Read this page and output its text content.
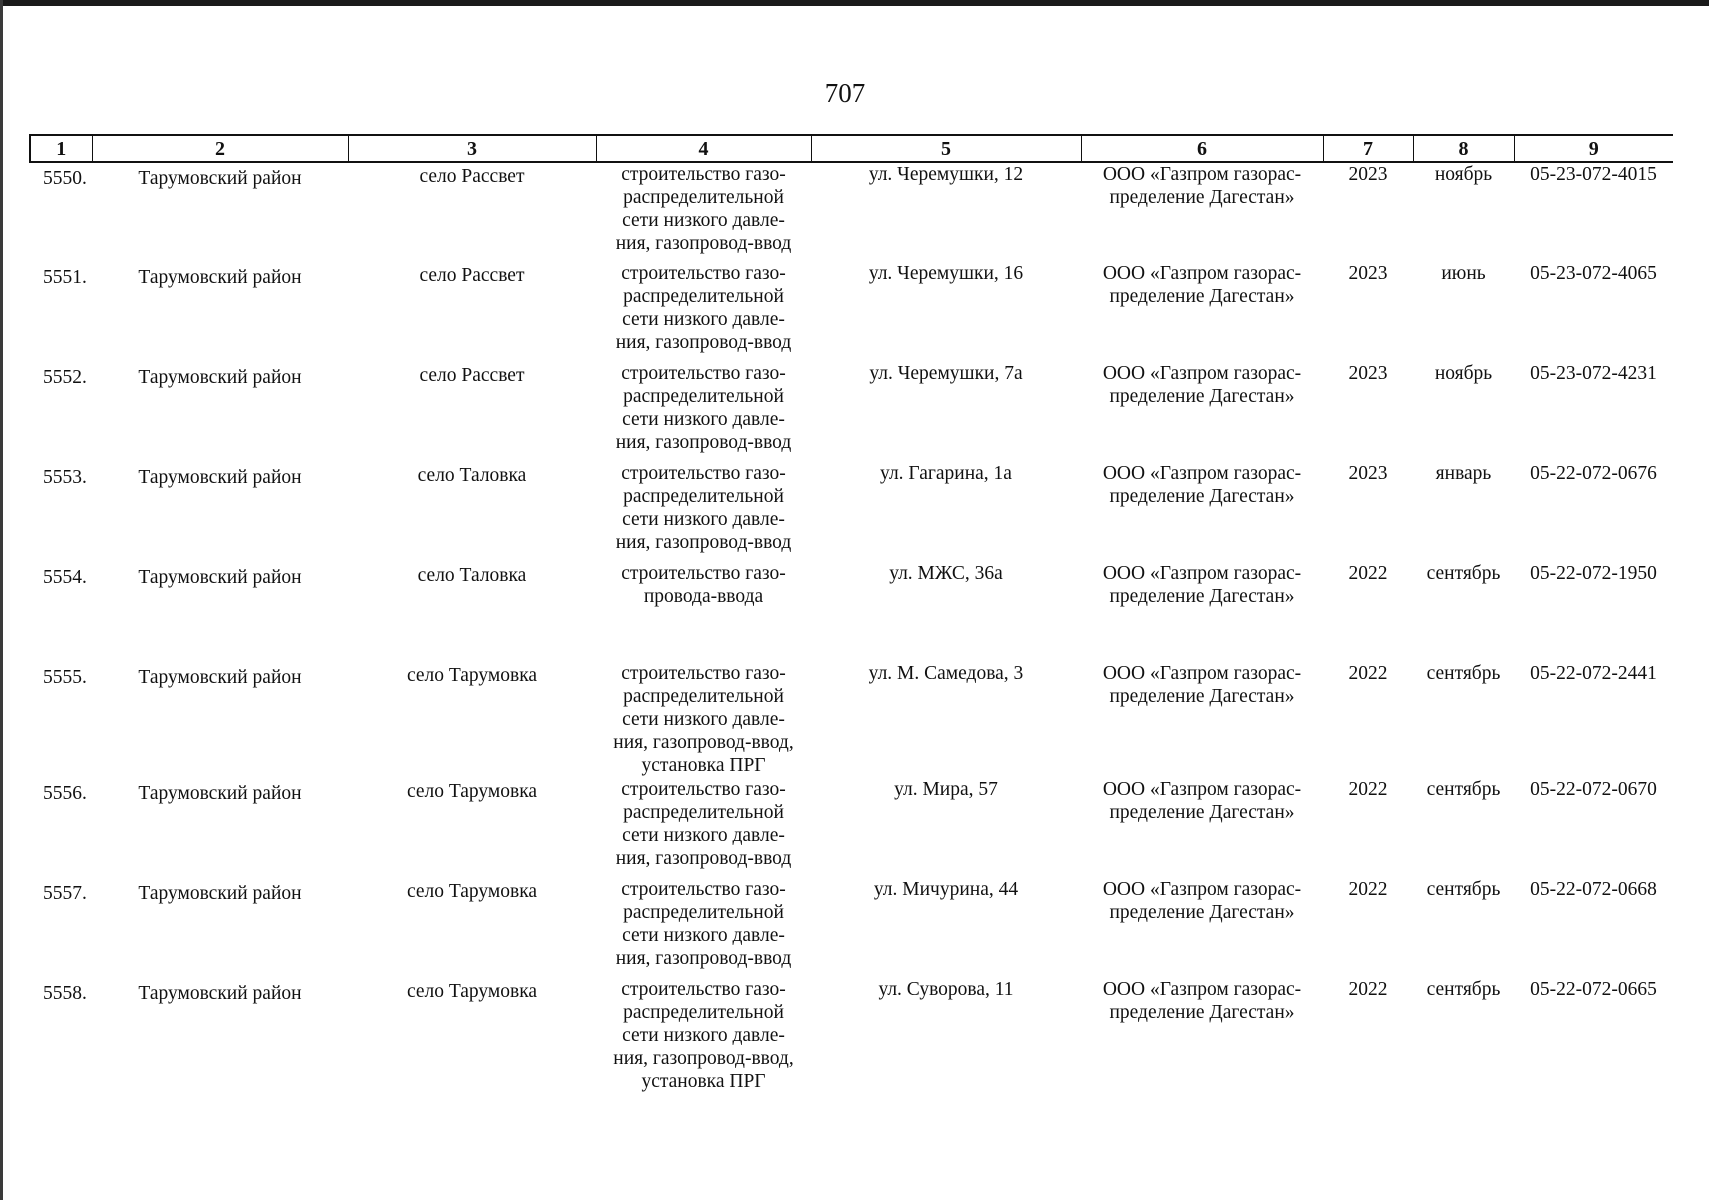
707
1	2	3	4	5	6	7	8	9
5550.	Тарумовский район	село Рассвет	строительство газо-
распределительной
сети низкого давле-
ния, газопровод-ввод	ул. Черемушки, 12	ООО «Газпром газорас-
пределение Дагестан»	2023	ноябрь	05-23-072-4015
5551.	Тарумовский район	село Рассвет	строительство газо-
распределительной
сети низкого давле-
ния, газопровод-ввод	ул. Черемушки, 16	ООО «Газпром газорас-
пределение Дагестан»	2023	июнь	05-23-072-4065
5552.	Тарумовский район	село Рассвет	строительство газо-
распределительной
сети низкого давле-
ния, газопровод-ввод	ул. Черемушки, 7а	ООО «Газпром газорас-
пределение Дагестан»	2023	ноябрь	05-23-072-4231
5553.	Тарумовский район	село Таловка	строительство газо-
распределительной
сети низкого давле-
ния, газопровод-ввод	ул. Гагарина, 1а	ООО «Газпром газорас-
пределение Дагестан»	2023	январь	05-22-072-0676
5554.	Тарумовский район	село Таловка	строительство газо-
провода-ввода	ул. МЖС, 36а	ООО «Газпром газорас-
пределение Дагестан»	2022	сентябрь	05-22-072-1950
5555.	Тарумовский район	село Тарумовка	строительство газо-
распределительной
сети низкого давле-
ния, газопровод-ввод,
установка ПРГ	ул. М. Самедова, 3	ООО «Газпром газорас-
пределение Дагестан»	2022	сентябрь	05-22-072-2441
5556.	Тарумовский район	село Тарумовка	строительство газо-
распределительной
сети низкого давле-
ния, газопровод-ввод	ул. Мира, 57	ООО «Газпром газорас-
пределение Дагестан»	2022	сентябрь	05-22-072-0670
5557.	Тарумовский район	село Тарумовка	строительство газо-
распределительной
сети низкого давле-
ния, газопровод-ввод	ул. Мичурина, 44	ООО «Газпром газорас-
пределение Дагестан»	2022	сентябрь	05-22-072-0668
5558.	Тарумовский район	село Тарумовка	строительство газо-
распределительной
сети низкого давле-
ния, газопровод-ввод,
установка ПРГ	ул. Суворова, 11	ООО «Газпром газорас-
пределение Дагестан»	2022	сентябрь	05-22-072-0665
